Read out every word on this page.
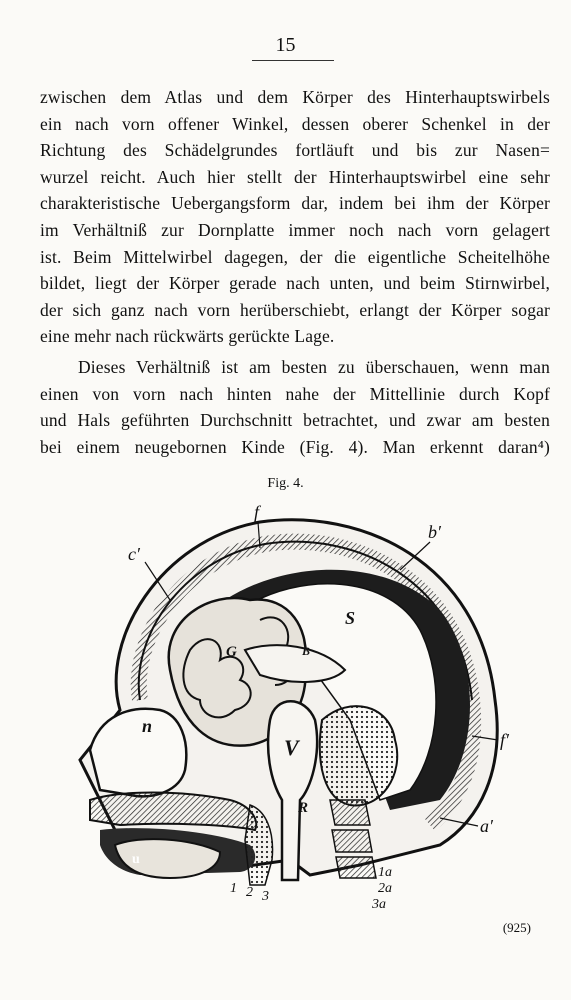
15
zwischen dem Atlas und dem Körper des Hinterhauptswirbels
ein nach vorn offener Winkel, dessen oberer Schenkel in der
Richtung des Schädelgrundes fortläuft und bis zur Nasen=
wurzel reicht. Auch hier stellt der Hinterhauptswirbel eine sehr
charakteristische Uebergangsform dar, indem bei ihm der Körper
im Verhältniß zur Dornplatte immer noch nach vorn gelagert
ist. Beim Mittelwirbel dagegen, der die eigentliche Scheitelhöhe
bildet, liegt der Körper gerade nach unten, und beim Stirnwirbel,
der sich ganz nach vorn herüberschiebt, erlangt der Körper sogar
eine mehr nach rückwärts gerückte Lage.
Dieses Verhältniß ist am besten zu überschauen, wenn man
einen von vorn nach hinten nahe der Mittellinie durch Kopf
und Hals geführten Durchschnitt betrachtet, und zwar am besten
bei einem neugebornen Kinde (Fig. 4). Man erkennt daran⁴)
Fig. 4.
f
c′
b′
S
G	B
n
V	f′
R
a′
u
1a
2a
3a
1 2 3
(925)
